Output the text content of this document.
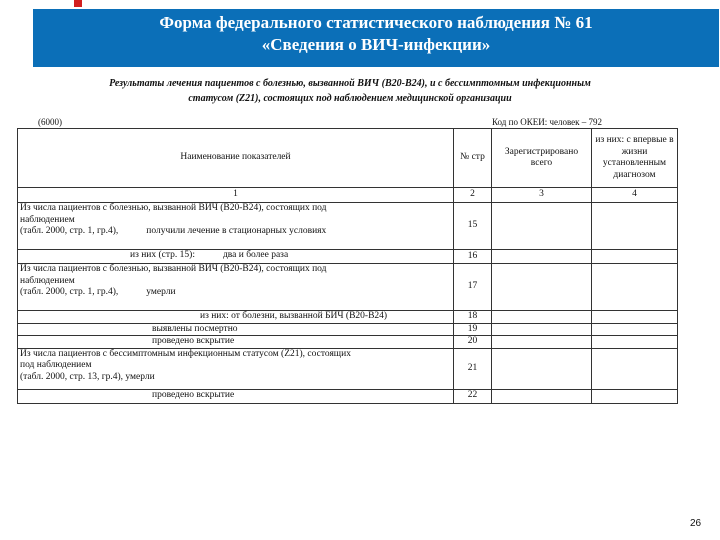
Форма федерального статистического наблюдения № 61
«Сведения о ВИЧ-инфекции»
Результаты лечения пациентов с болезнью, вызванной ВИЧ (B20-B24), и с бессимптомным инфекционным
статусом (Z21), состоящих под наблюдением медицинской организации
(6000)	Код по ОКЕИ: человек – 792
Наименование показателей	№ стр	Зарегистрировано всего	из них: с впервые в жизни установленным диагнозом
1	2	3	4

Из числа пациентов с болезнью, вызванной ВИЧ (B20-B24), состоящих под
наблюдением
(табл. 2000, стр. 1, гр.4), получили лечение в стационарных условиях	15		

из них (стр. 15): два и более раза	16		

Из числа пациентов с болезнью, вызванной ВИЧ (B20-B24), состоящих под
наблюдением
(табл. 2000, стр. 1, гр.4), умерли	17		

из них: от болезни, вызванной БИЧ (B20-B24)	18		

выявлены посмертно	19		

проведено вскрытие	20		

Из числа пациентов с бессимптомным инфекционным статусом (Z21), состоящих
под наблюдением
(табл. 2000, стр. 13, гр.4), умерли	21		

проведено вскрытие	22		
26
